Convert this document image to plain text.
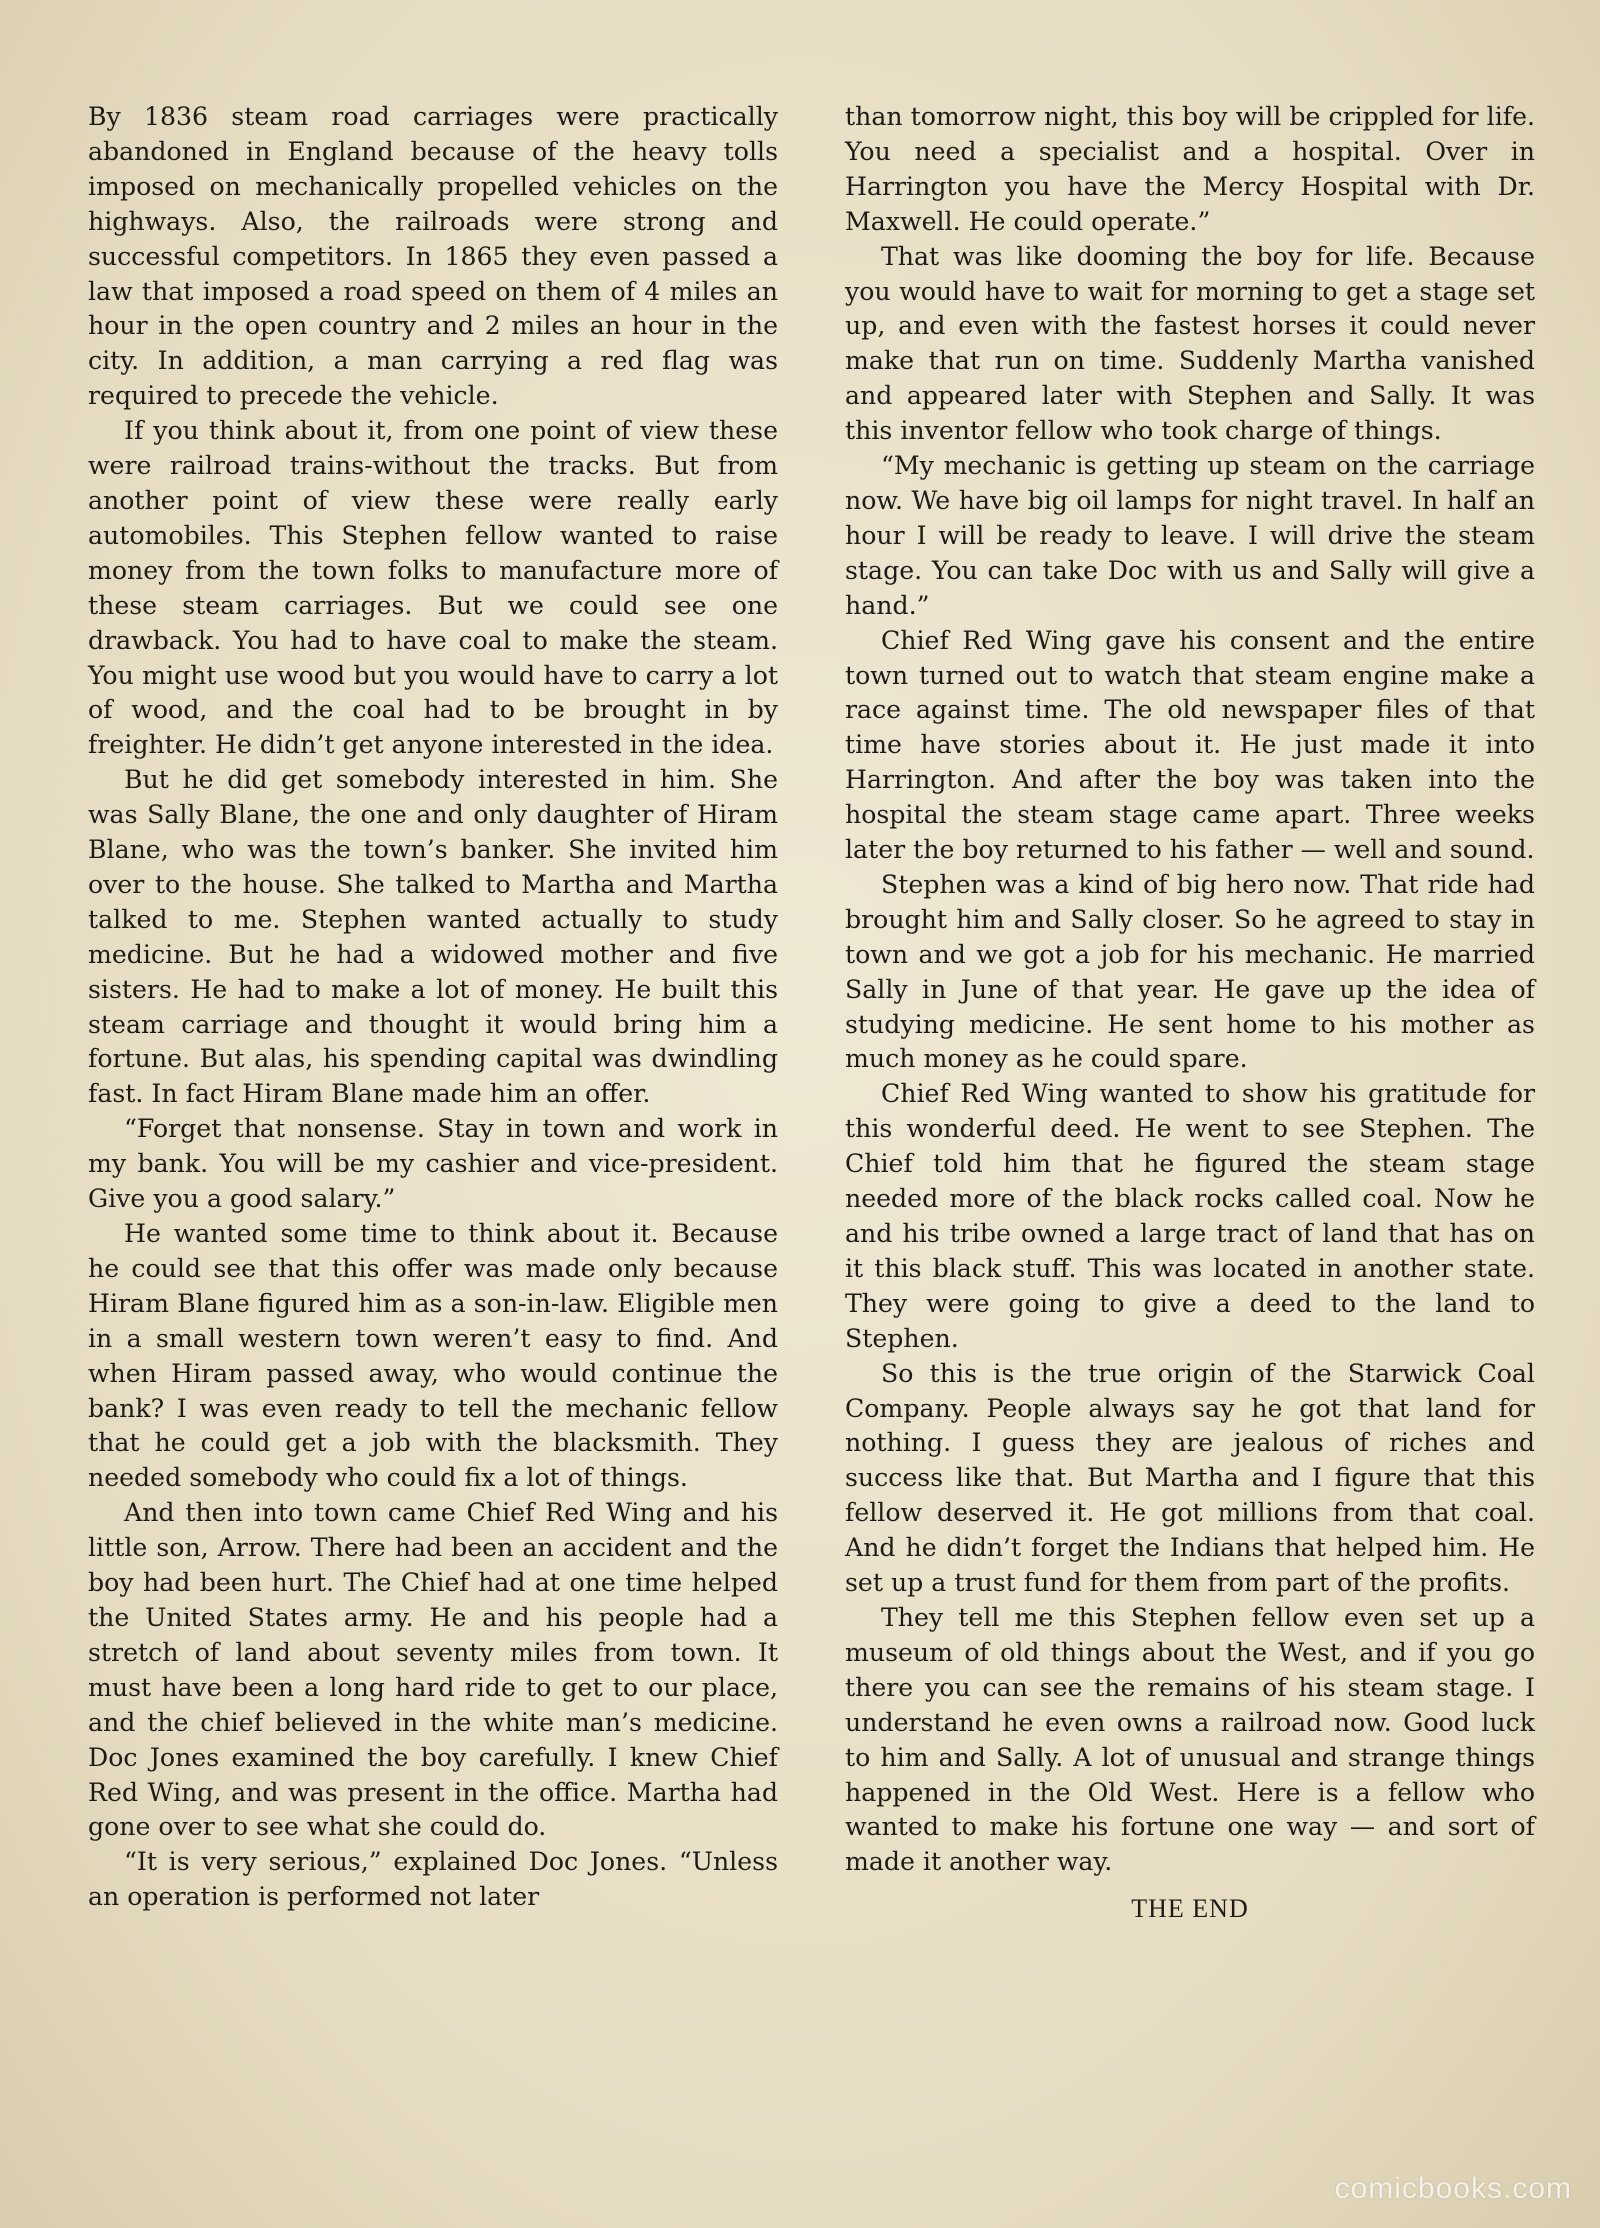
By 1836 steam road carriages were practically abandoned in England because of the heavy tolls imposed on mechanically propelled vehicles on the highways. Also, the railroads were strong and successful competitors. In 1865 they even passed a law that imposed a road speed on them of 4 miles an hour in the open country and 2 miles an hour in the city. In addition, a man carrying a red flag was required to precede the vehicle.

If you think about it, from one point of view these were railroad trains-without the tracks. But from another point of view these were really early automobiles. This Stephen fellow wanted to raise money from the town folks to manufacture more of these steam carriages. But we could see one drawback. You had to have coal to make the steam. You might use wood but you would have to carry a lot of wood, and the coal had to be brought in by freighter. He didn’t get anyone interested in the idea.

But he did get somebody interested in him. She was Sally Blane, the one and only daughter of Hiram Blane, who was the town’s banker. She invited him over to the house. She talked to Martha and Martha talked to me. Stephen wanted actually to study medicine. But he had a widowed mother and five sisters. He had to make a lot of money. He built this steam carriage and thought it would bring him a fortune. But alas, his spending capital was dwindling fast. In fact Hiram Blane made him an offer.

“Forget that nonsense. Stay in town and work in my bank. You will be my cashier and vice-president. Give you a good salary.”

He wanted some time to think about it. Because he could see that this offer was made only because Hiram Blane figured him as a son-in-law. Eligible men in a small western town weren’t easy to find. And when Hiram passed away, who would continue the bank? I was even ready to tell the mechanic fellow that he could get a job with the blacksmith. They needed somebody who could fix a lot of things.

And then into town came Chief Red Wing and his little son, Arrow. There had been an accident and the boy had been hurt. The Chief had at one time helped the United States army. He and his people had a stretch of land about seventy miles from town. It must have been a long hard ride to get to our place, and the chief believed in the white man’s medicine. Doc Jones examined the boy carefully. I knew Chief Red Wing, and was present in the office. Martha had gone over to see what she could do.

“It is very serious,” explained Doc Jones. “Unless an operation is performed not later

than tomorrow night, this boy will be crippled for life. You need a specialist and a hospital. Over in Harrington you have the Mercy Hospital with Dr. Maxwell. He could operate.”

That was like dooming the boy for life. Because you would have to wait for morning to get a stage set up, and even with the fastest horses it could never make that run on time. Suddenly Martha vanished and appeared later with Stephen and Sally. It was this inventor fellow who took charge of things.

“My mechanic is getting up steam on the carriage now. We have big oil lamps for night travel. In half an hour I will be ready to leave. I will drive the steam stage. You can take Doc with us and Sally will give a hand.”

Chief Red Wing gave his consent and the entire town turned out to watch that steam engine make a race against time. The old newspaper files of that time have stories about it. He just made it into Harrington. And after the boy was taken into the hospital the steam stage came apart. Three weeks later the boy returned to his father — well and sound.

Stephen was a kind of big hero now. That ride had brought him and Sally closer. So he agreed to stay in town and we got a job for his mechanic. He married Sally in June of that year. He gave up the idea of studying medicine. He sent home to his mother as much money as he could spare.

Chief Red Wing wanted to show his gratitude for this wonderful deed. He went to see Stephen. The Chief told him that he figured the steam stage needed more of the black rocks called coal. Now he and his tribe owned a large tract of land that has on it this black stuff. This was located in another state. They were going to give a deed to the land to Stephen.

So this is the true origin of the Starwick Coal Company. People always say he got that land for nothing. I guess they are jealous of riches and success like that. But Martha and I figure that this fellow deserved it. He got millions from that coal. And he didn’t forget the Indians that helped him. He set up a trust fund for them from part of the profits.

They tell me this Stephen fellow even set up a museum of old things about the West, and if you go there you can see the remains of his steam stage. I understand he even owns a railroad now. Good luck to him and Sally. A lot of unusual and strange things happened in the Old West. Here is a fellow who wanted to make his fortune one way — and sort of made it another way.

THE END
comicbooks.com
